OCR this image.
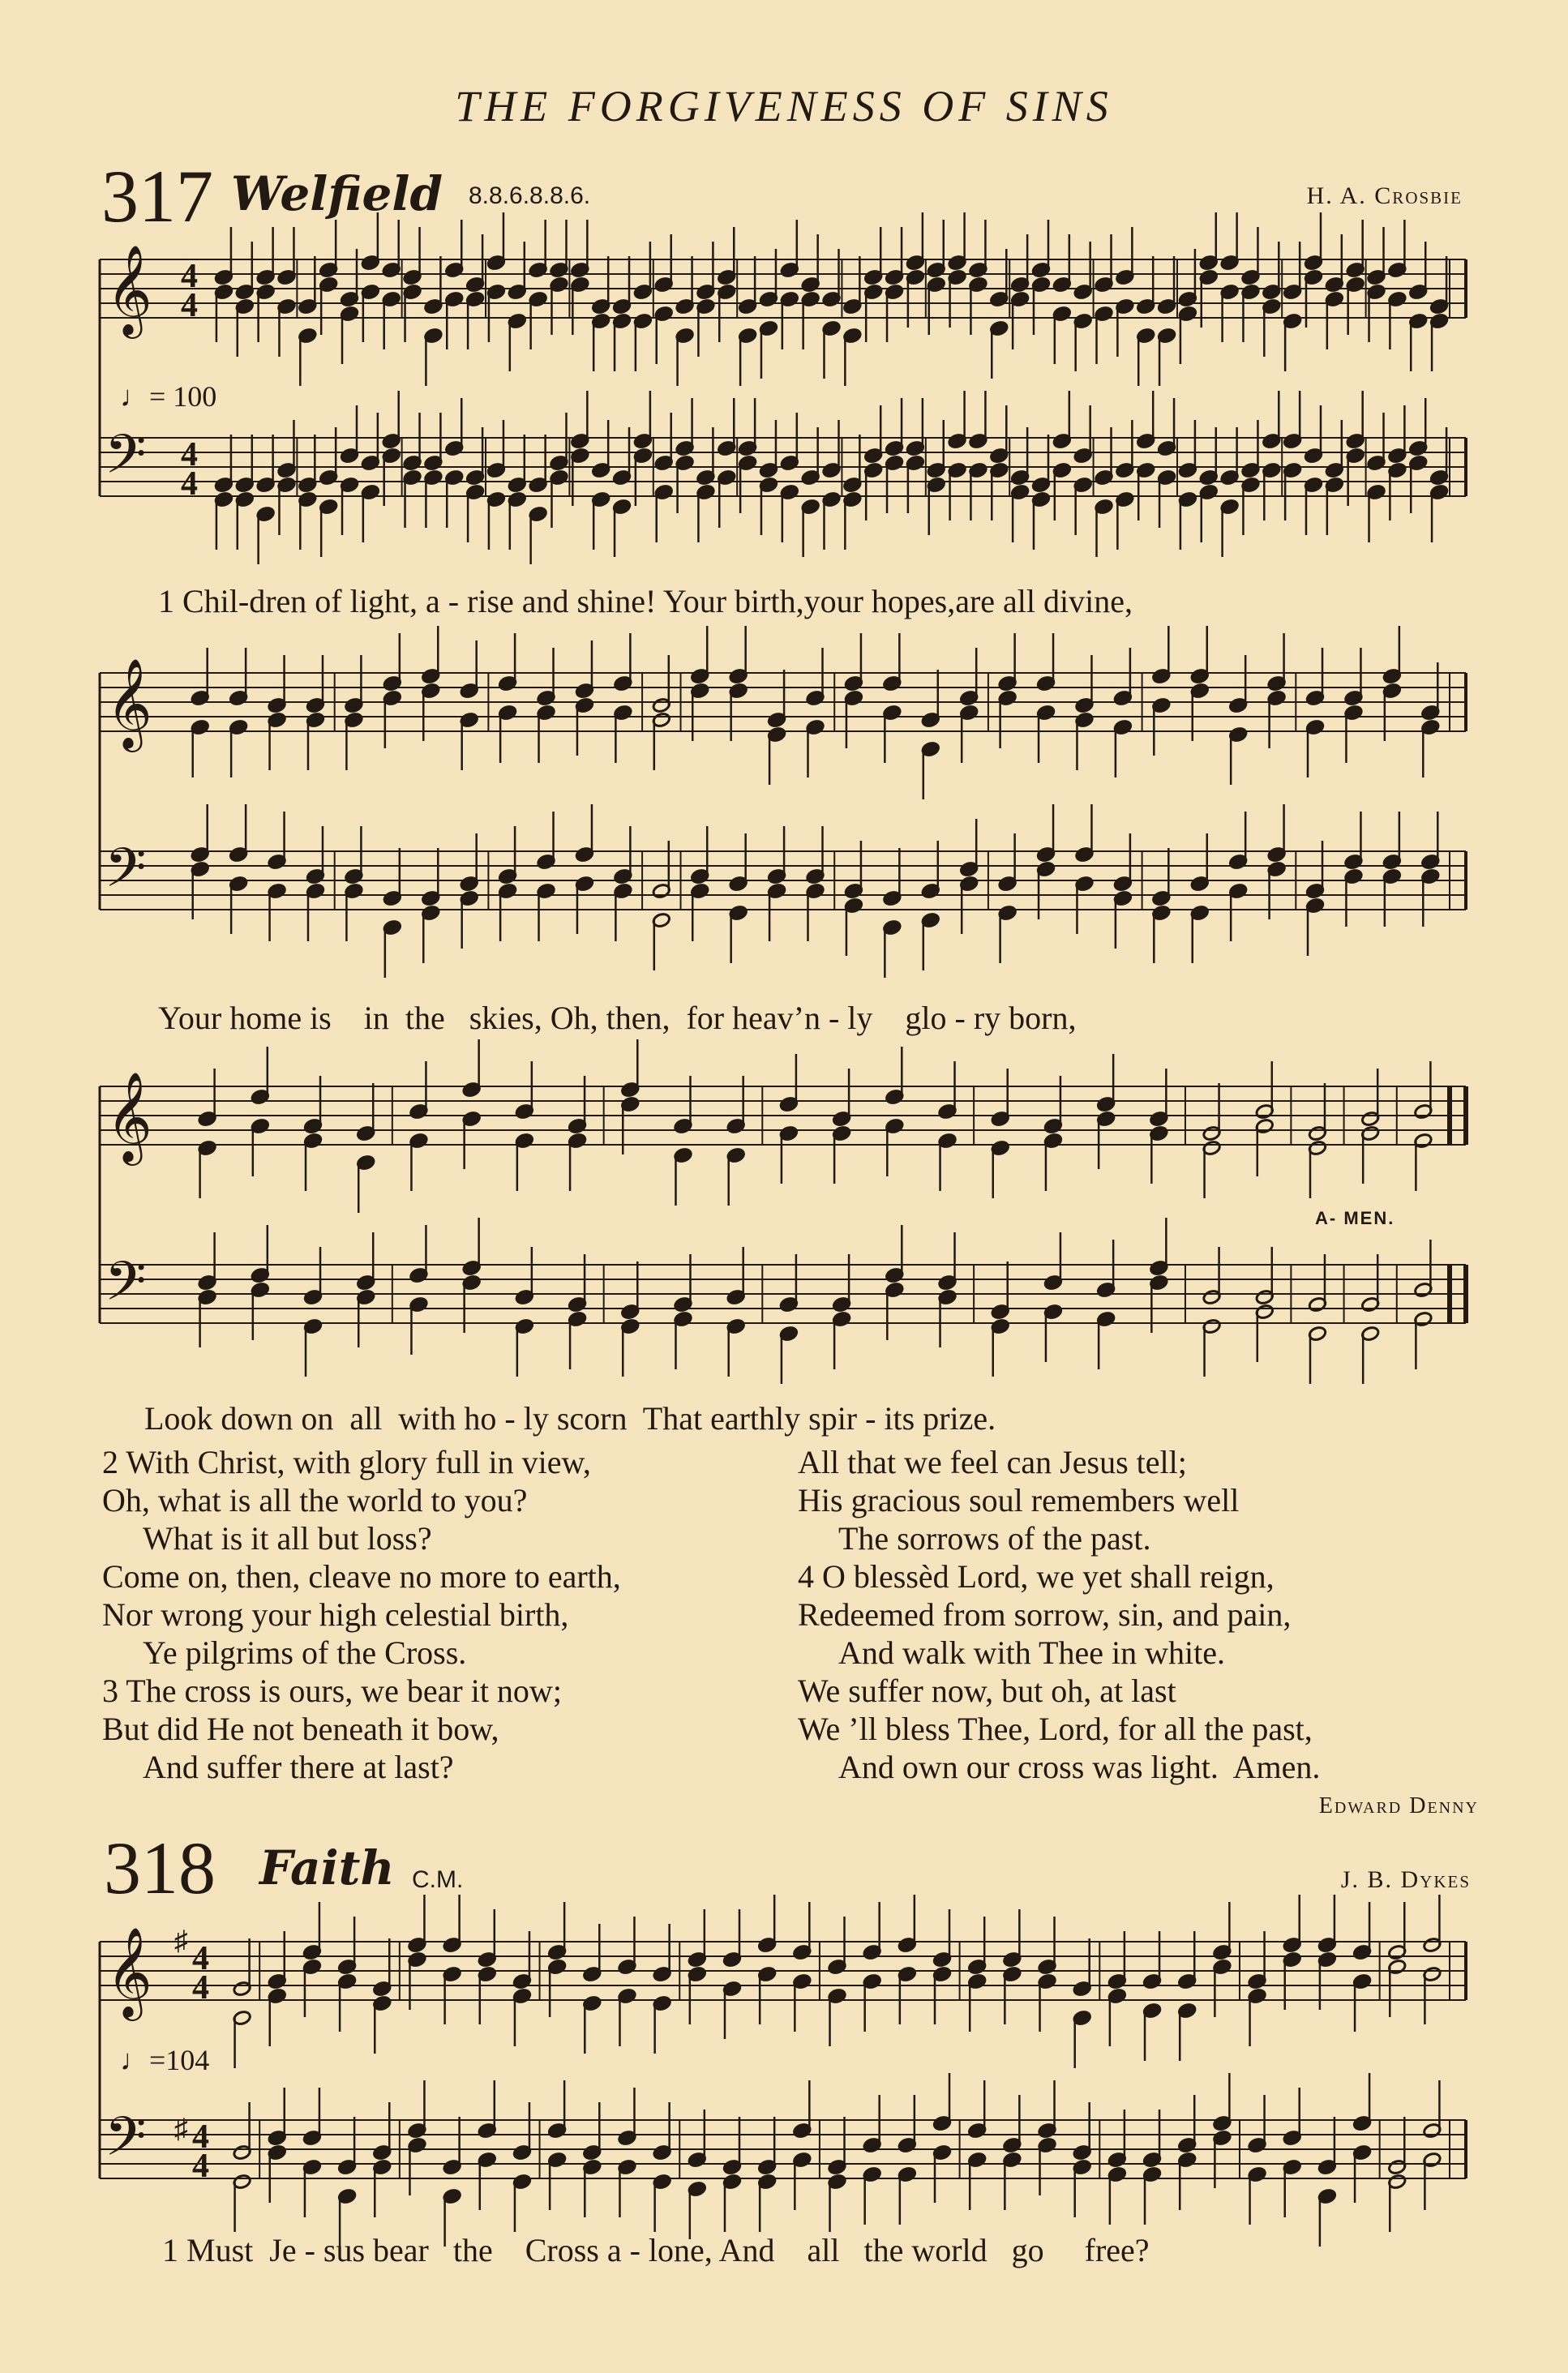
THE FORGIVENESS OF SINS
317 Welfield 8.8.6.8.8.6.	H. A. Crosbie
𝄞
𝄢
4
4
4
4
♩= 100
1 Chil-dren of light, a - rise and shine! Your birth,your hopes,are all divine,
𝄞
𝄢
Your home is    in  the   skies, Oh, then,  for heav’n - ly    glo - ry born,
𝄞
𝄢
A- MEN.
Look down on  all  with ho - ly scorn  That earthly spir - its prize.
2 With Christ, with glory full in view,
Oh, what is all the world to you?
What is it all but loss?
Come on, then, cleave no more to earth,
Nor wrong your high celestial birth,
Ye pilgrims of the Cross.
3 The cross is ours, we bear it now;
But did He not beneath it bow,
And suffer there at last?
All that we feel can Jesus tell;
His gracious soul remembers well
The sorrows of the past.
4 O blessèd Lord, we yet shall reign,
Redeemed from sorrow, sin, and pain,
And walk with Thee in white.
We suffer now, but oh, at last
We ’ll bless Thee, Lord, for all the past,
And own our cross was light.  Amen.
Edward Denny
318 Faith C.M.	J. B. Dykes
𝄞
𝄢
♯
♯
4
4
4
4
♩=104
1 Must  Je - sus bear   the    Cross a - lone, And    all   the world   go     free?
